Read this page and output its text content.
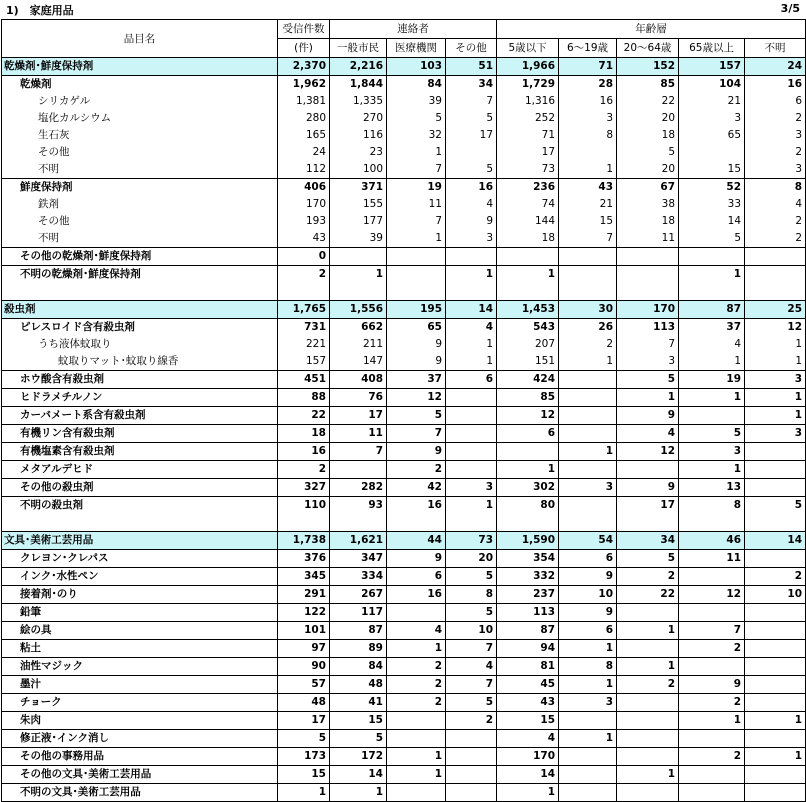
1)　家庭用品	3/5
品目名	受信件数	連絡者			年齢層				
	(件)	一般市民	医療機関	その他	5歳以下	6～19歳	20～64歳	65歳以上	不明
乾燥剤･鮮度保持剤	2,370	2,216	103	51	1,966	71	152	157	24
乾燥剤	1,962	1,844	84	34	1,729	28	85	104	16
シリカゲル	1,381	1,335	39	7	1,316	16	22	21	6
塩化カルシウム	280	270	5	5	252	3	20	3	2
生石灰	165	116	32	17	71	8	18	65	3
その他	24	23	1		17		5		2
不明	112	100	7	5	73	1	20	15	3
鮮度保持剤	406	371	19	16	236	43	67	52	8
鉄剤	170	155	11	4	74	21	38	33	4
その他	193	177	7	9	144	15	18	14	2
不明	43	39	1	3	18	7	11	5	2
その他の乾燥剤･鮮度保持剤	0								
不明の乾燥剤･鮮度保持剤	2	1		1	1			1	

殺虫剤	1,765	1,556	195	14	1,453	30	170	87	25
ピレスロイド含有殺虫剤	731	662	65	4	543	26	113	37	12
うち液体蚊取り	221	211	9	1	207	2	7	4	1
蚊取りマット･蚊取り線香	157	147	9	1	151	1	3	1	1
ホウ酸含有殺虫剤	451	408	37	6	424		5	19	3
ヒドラメチルノン	88	76	12		85		1	1	1
カーバメート系含有殺虫剤	22	17	5		12		9		1
有機リン含有殺虫剤	18	11	7		6		4	5	3
有機塩素含有殺虫剤	16	7	9			1	12	3	
メタアルデヒド	2		2		1			1	
その他の殺虫剤	327	282	42	3	302	3	9	13	
不明の殺虫剤	110	93	16	1	80		17	8	5

文具･美術工芸用品	1,738	1,621	44	73	1,590	54	34	46	14
クレヨン･クレパス	376	347	9	20	354	6	5	11	
インク･水性ペン	345	334	6	5	332	9	2		2
接着剤･のり	291	267	16	8	237	10	22	12	10
鉛筆	122	117		5	113	9			
絵の具	101	87	4	10	87	6	1	7	
粘土	97	89	1	7	94	1		2	
油性マジック	90	84	2	4	81	8	1		
墨汁	57	48	2	7	45	1	2	9	
チョーク	48	41	2	5	43	3		2	
朱肉	17	15		2	15			1	1
修正液･インク消し	5	5			4	1			
その他の事務用品	173	172	1		170			2	1
その他の文具･美術工芸用品	15	14	1		14		1		
不明の文具･美術工芸用品	1	1			1				
